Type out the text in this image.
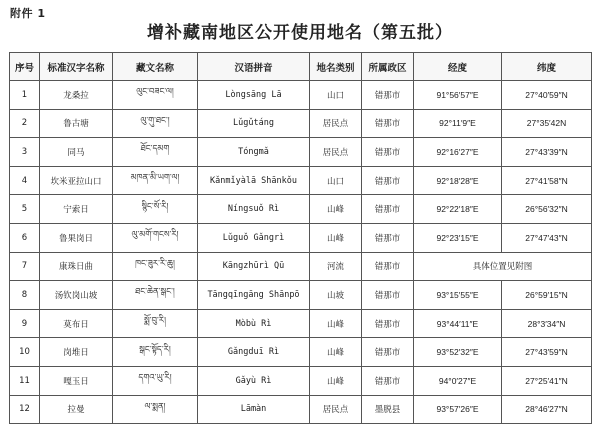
附件 1
增补藏南地区公开使用地名（第五批）
序号	标准汉字名称	藏文名称	汉语拼音	地名类别	所属政区	经度	纬度
1	龙桑拉	ལུང་བཟང་ལ།	Lòngsāng Lā	山口	错那市	91°56′57″E	27°40′59″N
2	鲁古塘	ལུ་གུ་ཐང་།	Lǔgǔtáng	居民点	错那市	92°11′9″E	27°35′42N
3	同马	ཐོང་དམག	Tóngmǎ	居民点	错那市	92°16′27″E	27°43′39″N
4	坎米亚拉山口	མཁན་མི་ཡག་ལ།	Kǎnmǐyàlā Shānkǒu	山口	错那市	92°18′28″E	27°41′58″N
5	宁索日	སྙིང་སོ་རི།	Níngsuǒ Rì	山峰	错那市	92°22′18″E	26°56′32″N
6	鲁果岗日	ལུ་མགོ་གངས་རི།	Lǔguǒ Gǎngrì	山峰	错那市	92°23′15″E	27°47′43″N
7	康珠日曲	ཁང་ཟུར་རི་ཆུ།	Kāngzhūrì Qū	河流	错那市	具体位置见附图	
8	汤钦岗山坡	ཐང་ཆེན་སྒང་།	Tāngqīngāng Shānpō	山坡	错那市	93°15′55″E	26°59′15″N
9	莫布日	སྨོ་བུ་རི།	Mòbù Rì	山峰	错那市	93°44′11″E	28°3′34″N
10	岗堆日	སྒང་སྟོད་རི།	Gǎngduī Rì	山峰	错那市	93°52′32″E	27°43′59″N
11	嘎玉日	དགའ་ཡུ་རི།	Gǎyù Rì	山峰	错那市	94°0′27″E	27°25′41″N
12	拉曼	ལ་སྨན།	Lāmàn	居民点	墨脱县	93°57′26″E	28°46′27″N
